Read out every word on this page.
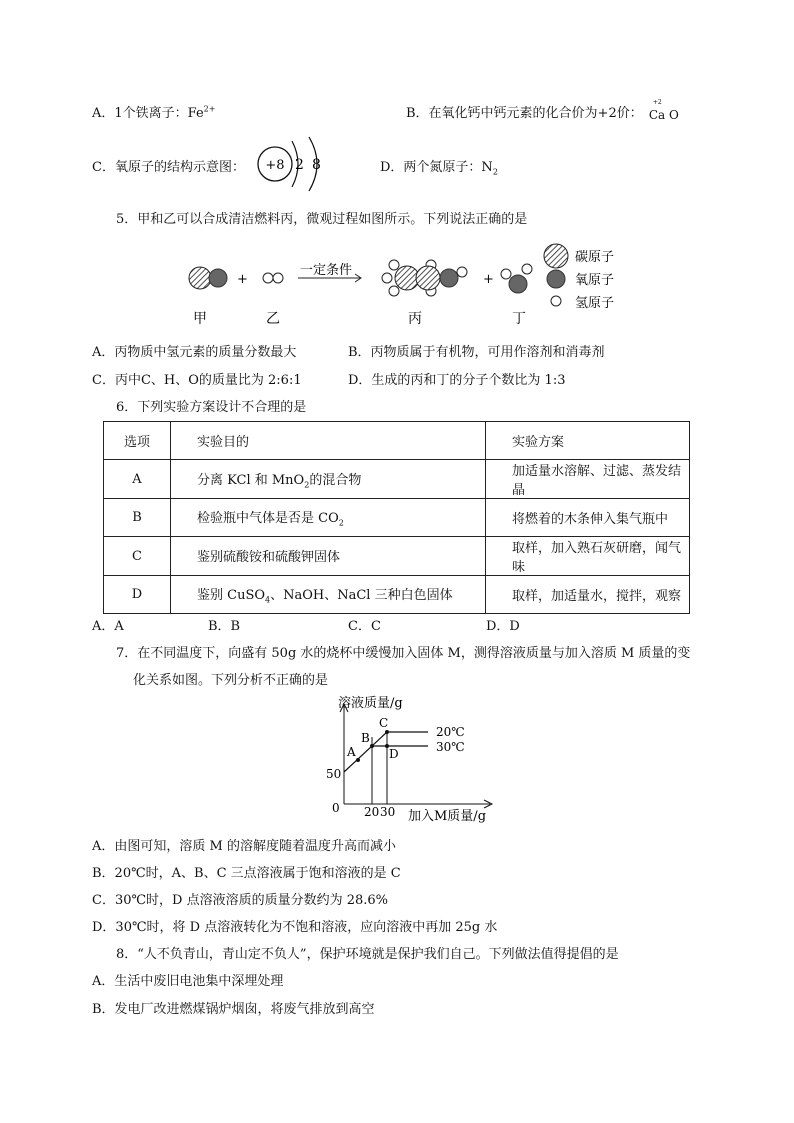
A．1个铁离子：$Fe^{2+}$	B．在氧化钙中钙元素的化合价为+2价：
+2
Ca O
C．氧原子的结构示意图： +8 2 8	D．两个氮原子：$N_2$
5．甲和乙可以合成清洁燃料丙，微观过程如图所示。下列说法正确的是
+
一定条件
+
碳原子
氧原子
氢原子
甲	乙	丙	丁
A．丙物质中氢元素的质量分数最大	B．丙物质属于有机物，可用作溶剂和消毒剂
C．丙中C、H、O的质量比为 2:6:1	D．生成的丙和丁的分子个数比为 1:3
6．下列实验方案设计不合理的是
选项	实验目的	实验方案
A	分离 KCl 和 MnO$_2$的混合物	加适量水溶解、过滤、蒸发结晶
B	检验瓶中气体是否是 $CO_2$	将燃着的木条伸入集气瓶中
C	鉴别硫酸铵和硫酸钾固体	取样，加入熟石灰研磨，闻气味
D	鉴别 CuSO$_4$、NaOH、NaCl 三种白色固体	取样，加适量水，搅拌，观察
A．A	B．B	C．C	D．D
7．在不同温度下，向盛有 50g 水的烧杯中缓慢加入固体 M，测得溶液质量与加入溶质 M 质量的变
化关系如图。下列分析不正确的是
溶液质量/g
加入M质量/g
0
50
20 30
A
B
C
D
20℃
30℃
A．由图可知，溶质 M 的溶解度随着温度升高而减小
B．20℃时，A、B、C 三点溶液属于饱和溶液的是 C
C．30℃时，D 点溶液溶质的质量分数约为 28.6%
D．30℃时，将 D 点溶液转化为不饱和溶液，应向溶液中再加 25g 水
8．“人不负青山，青山定不负人”，保护环境就是保护我们自己。下列做法值得提倡的是
A．生活中废旧电池集中深埋处理
B．发电厂改进燃煤锅炉烟囱，将废气排放到高空
